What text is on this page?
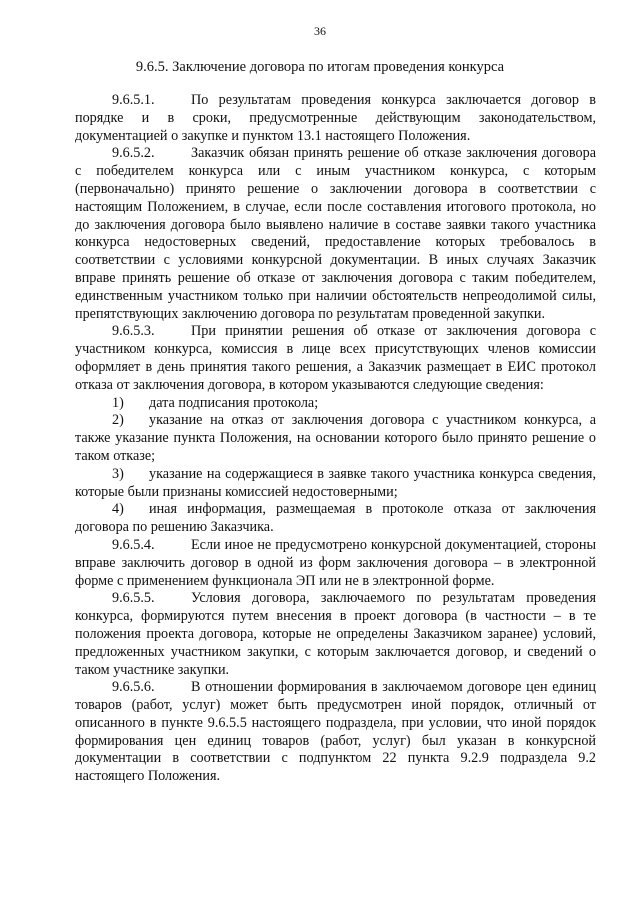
36
9.6.5. Заключение договора по итогам проведения конкурса

9.6.5.1.	По результатам проведения конкурса заключается договор в порядке и в сроки, предусмотренные действующим законодательством, документацией о закупке и пунктом 13.1 настоящего Положения.

9.6.5.2.	Заказчик обязан принять решение об отказе заключения договора с победителем конкурса или с иным участником конкурса, с которым (первоначально) принято решение о заключении договора в соответствии с настоящим Положением, в случае, если после составления итогового протокола, но до заключения договора было выявлено наличие в составе заявки такого участника конкурса недостоверных сведений, предоставление которых требовалось в соответствии с условиями конкурсной документации. В иных случаях Заказчик вправе принять решение об отказе от заключения договора с таким победителем, единственным участником только при наличии обстоятельств непреодолимой силы, препятствующих заключению договора по результатам проведенной закупки.

9.6.5.3.	При принятии решения об отказе от заключения договора с участником конкурса, комиссия в лице всех присутствующих членов комиссии оформляет в день принятия такого решения, а Заказчик размещает в ЕИС протокол отказа от заключения договора, в котором указываются следующие сведения:

1) дата подписания протокола;

2) указание на отказ от заключения договора с участником конкурса, а также указание пункта Положения, на основании которого было принято решение о таком отказе;

3) указание на содержащиеся в заявке такого участника конкурса сведения, которые были признаны комиссией недостоверными;

4) иная информация, размещаемая в протоколе отказа от заключения договора по решению Заказчика.

9.6.5.4.	Если иное не предусмотрено конкурсной документацией, стороны вправе заключить договор в одной из форм заключения договора – в электронной форме с применением функционала ЭП или не в электронной форме.

9.6.5.5.	Условия договора, заключаемого по результатам проведения конкурса, формируются путем внесения в проект договора (в частности – в те положения проекта договора, которые не определены Заказчиком заранее) условий, предложенных участником закупки, с которым заключается договор, и сведений о таком участнике закупки.

9.6.5.6.	В отношении формирования в заключаемом договоре цен единиц товаров (работ, услуг) может быть предусмотрен иной порядок, отличный от описанного в пункте 9.6.5.5 настоящего подраздела, при условии, что иной порядок формирования цен единиц товаров (работ, услуг) был указан в конкурсной документации в соответствии с подпунктом 22 пункта 9.2.9 подраздела 9.2 настоящего Положения.
